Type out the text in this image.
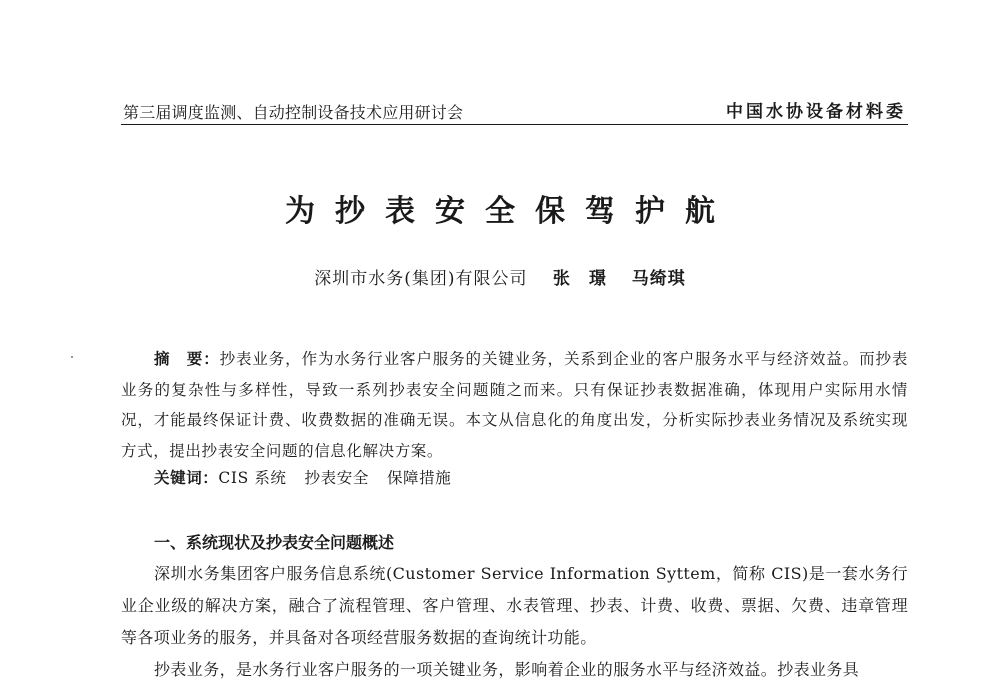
第三届调度监测、自动控制设备技术应用研讨会	中国水协设备材料委
为抄表安全保驾护航
深圳市水务(集团)有限公司 张　璟 马绮琪

摘　要：抄表业务，作为水务行业客户服务的关键业务，关系到企业的客户服务水平与经济效益。而抄表业务的复杂性与多样性，导致一系列抄表安全问题随之而来。只有保证抄表数据准确，体现用户实际用水情况，才能最终保证计费、收费数据的准确无误。本文从信息化的角度出发，分析实际抄表业务情况及系统实现方式，提出抄表安全问题的信息化解决方案。

关键词：CIS 系统 抄表安全 保障措施
一、系统现状及抄表安全问题概述

深圳水务集团客户服务信息系统(Customer Service Information Syttem，简称 CIS)是一套水务行业企业级的解决方案，融合了流程管理、客户管理、水表管理、抄表、计费、收费、票据、欠费、违章管理等各项业务的服务，并具备对各项经营服务数据的查询统计功能。

抄表业务，是水务行业客户服务的一项关键业务，影响着企业的服务水平与经济效益。抄表业务具
